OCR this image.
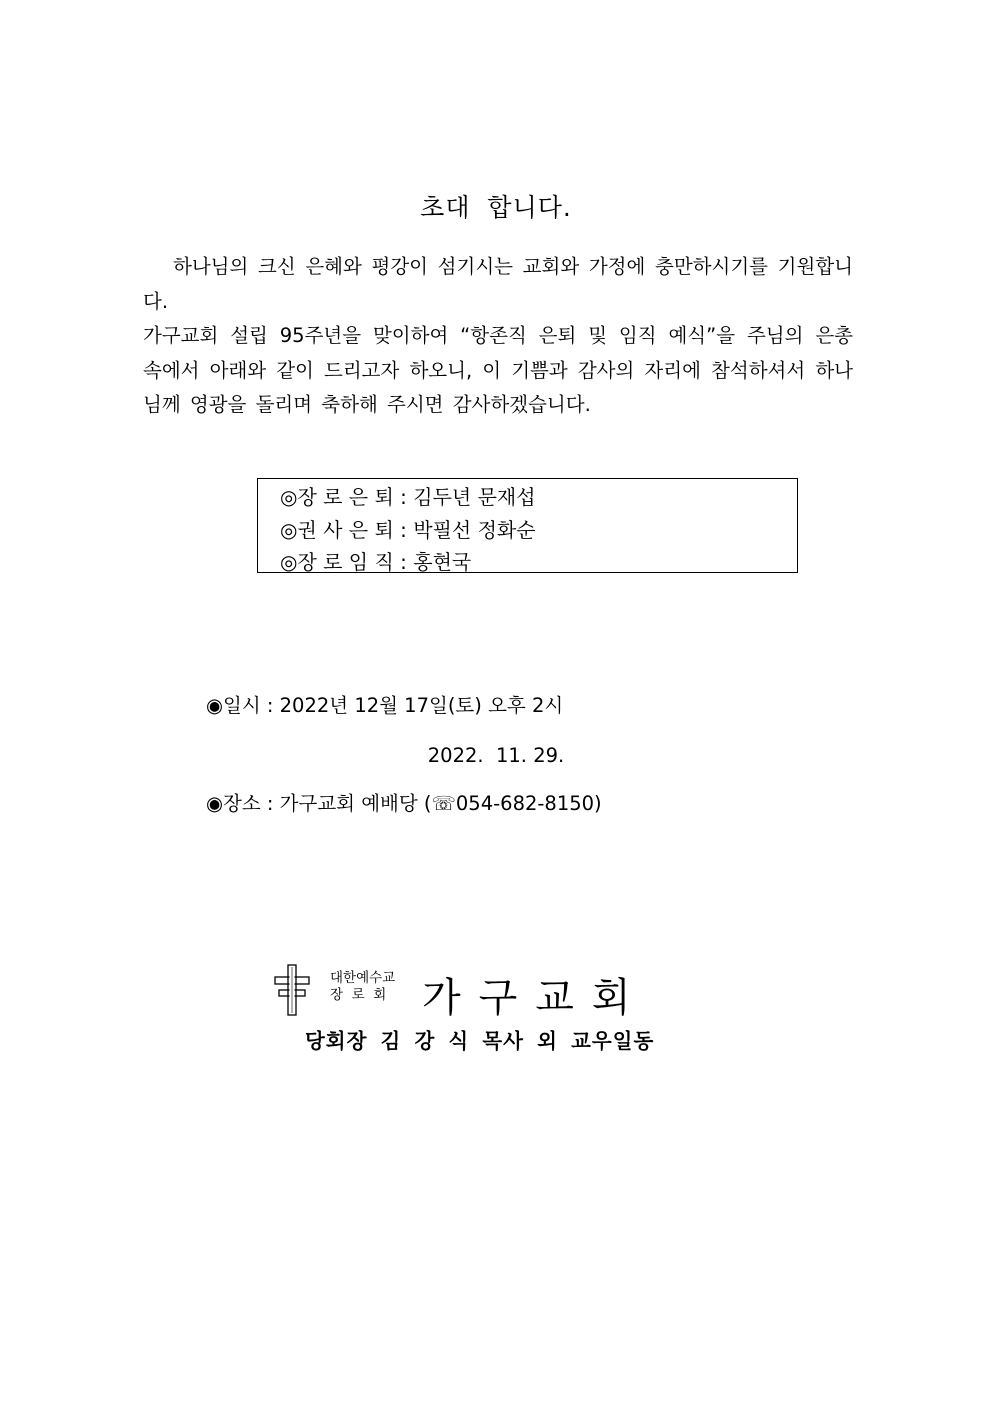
초대 합니다.

하나님의 크신 은혜와 평강이 섬기시는 교회와 가정에 충만하시기를 기원합니다.

가구교회 설립 95주년을 맞이하여 “항존직 은퇴 및 임직 예식”을 주님의 은총 속에서 아래와 같이 드리고자 하오니, 이 기쁨과 감사의 자리에 참석하셔서 하나님께 영광을 돌리며 축하해 주시면 감사하겠습니다.

◎장 로 은 퇴 : 김두년 문재섭
◎권 사 은 퇴 : 박필선 정화순
◎장 로 임 직 : 홍현국

◉일시 : 2022년 12월 17일(토) 오후 2시

◉장소 : 가구교회 예배당 (☏054-682-8150)

2022.  11. 29.
대한예수교
장  로  회 가구교회
당회장 김 강 식 목사 외 교우일동
